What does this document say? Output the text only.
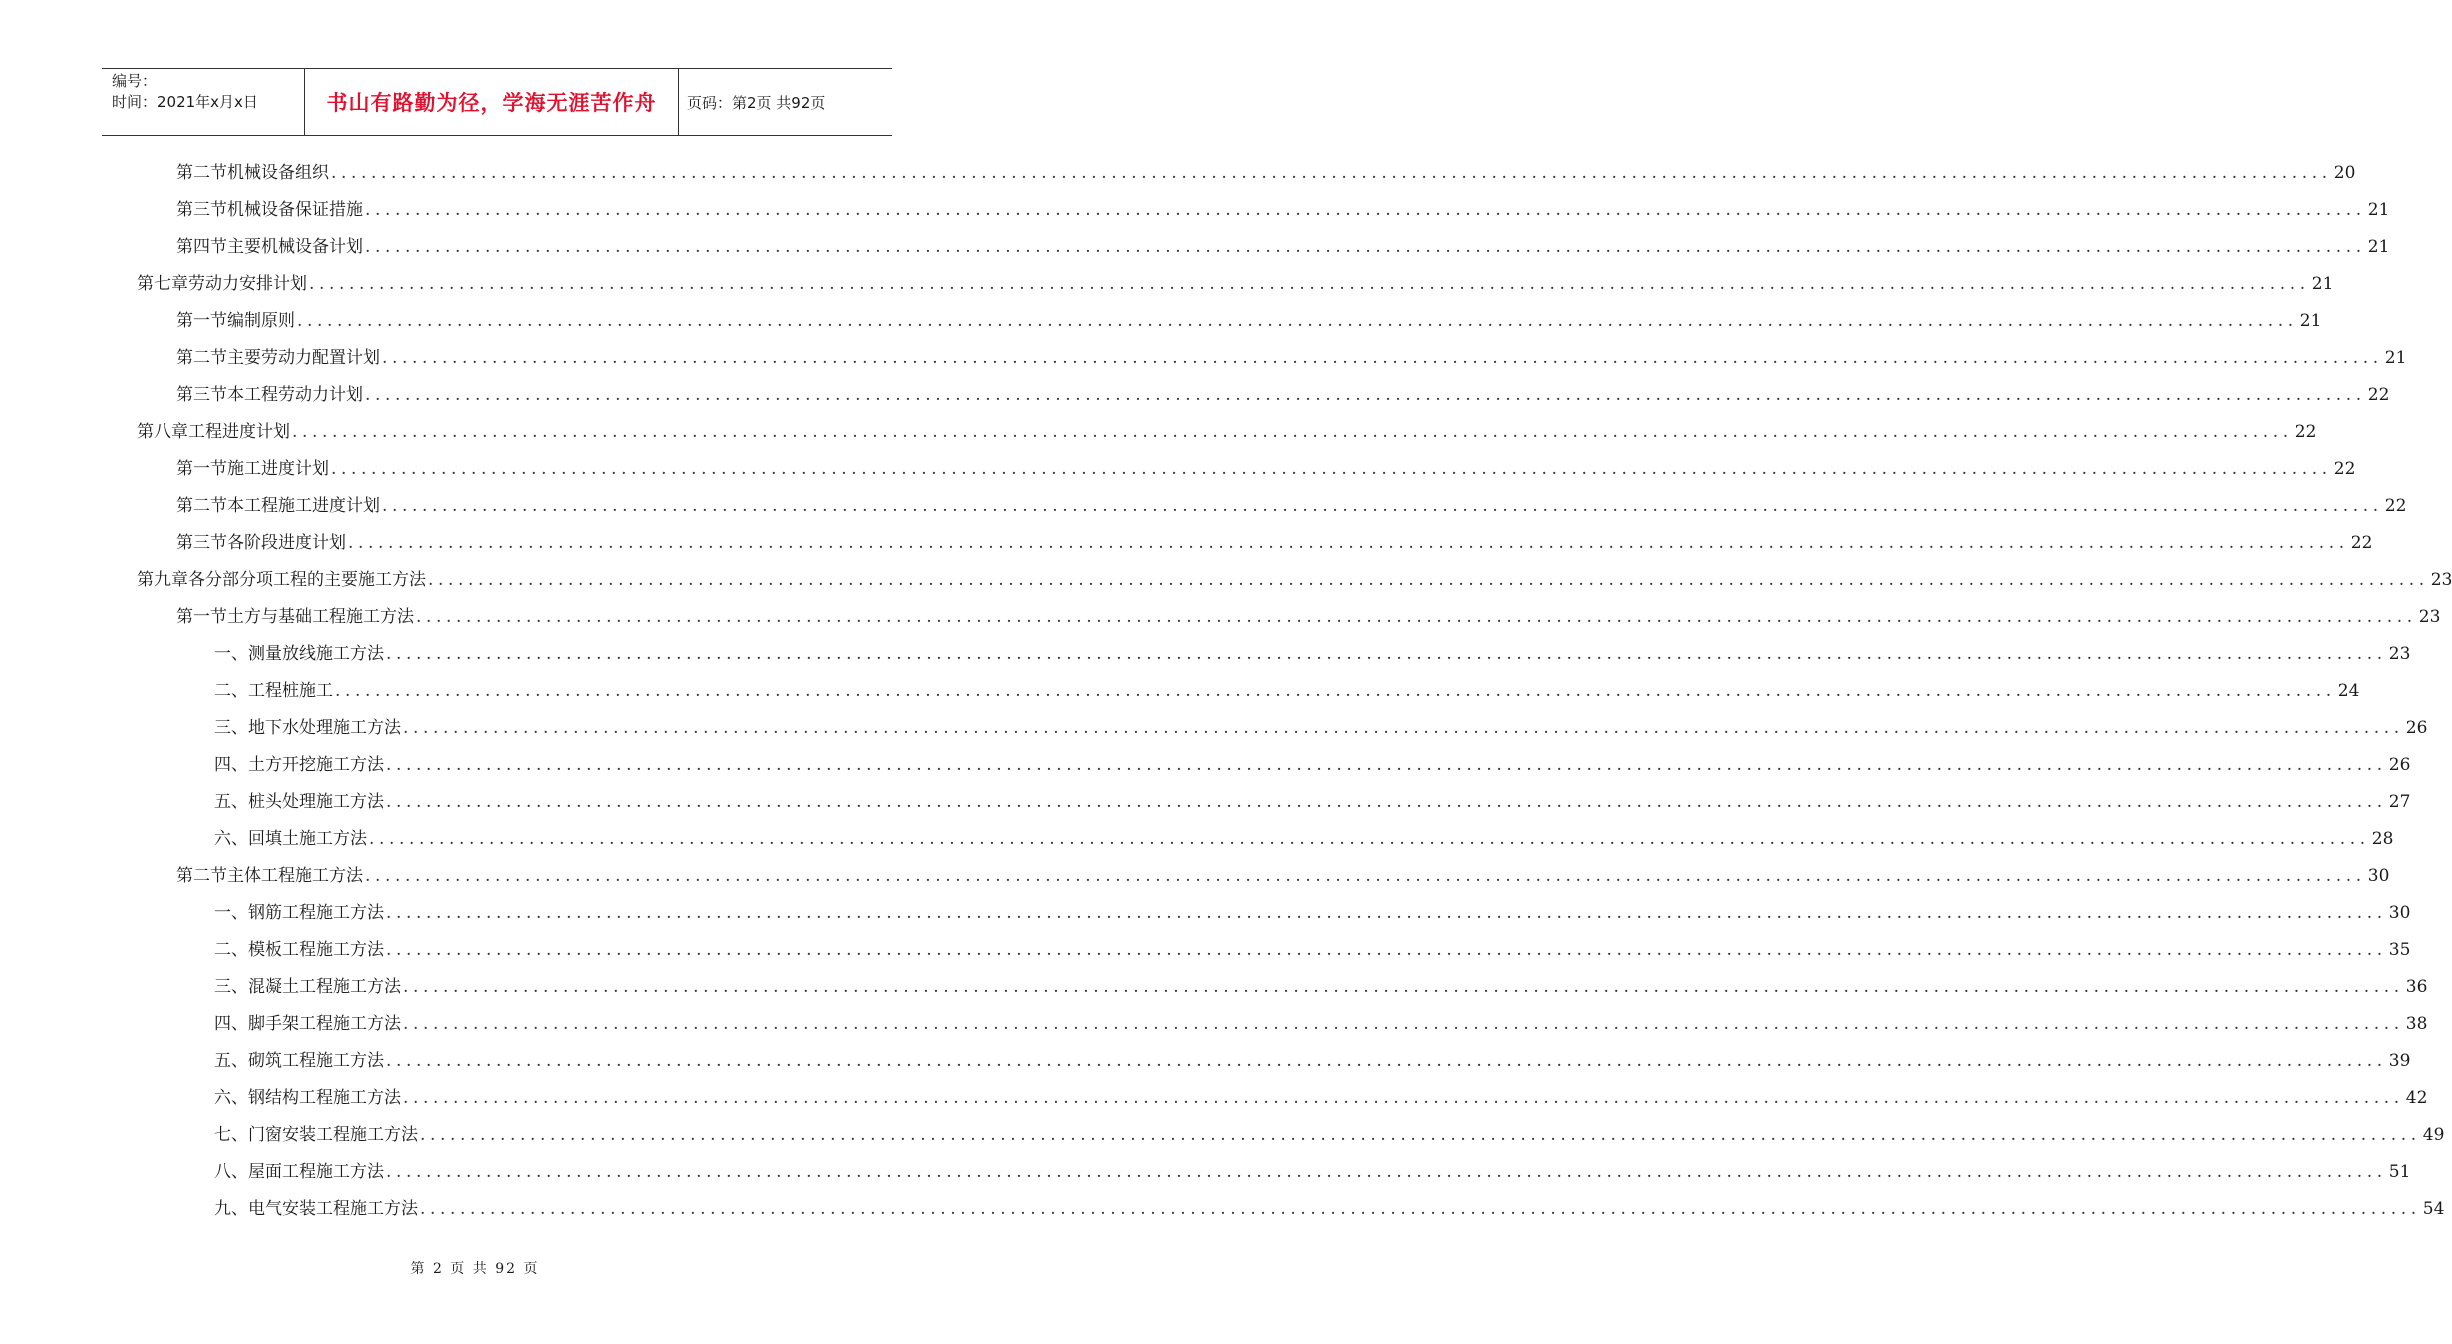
编号：
时间：2021年x月x日	书山有路勤为径，学海无涯苦作舟 页码：第2页 共92页
第二节 机械设备组织 ........................................................................................................................................................................................................ 20
第三节 机械设备保证措施 ........................................................................................................................................................................................................ 21
第四节 主要机械设备计划 ........................................................................................................................................................................................................ 21
第七章 劳动力安排计划 ........................................................................................................................................................................................................ 21
第一节 编制原则 ........................................................................................................................................................................................................ 21
第二节 主要劳动力配置计划 ........................................................................................................................................................................................................ 21
第三节 本工程劳动力计划 ........................................................................................................................................................................................................ 22
第八章 工程进度计划 ........................................................................................................................................................................................................ 22
第一节 施工进度计划 ........................................................................................................................................................................................................ 22
第二节 本工程施工进度计划 ........................................................................................................................................................................................................ 22
第三节 各阶段进度计划 ........................................................................................................................................................................................................ 22
第九章 各分部分项工程的主要施工方法 ........................................................................................................................................................................................................ 23
第一节 土方与基础工程施工方法 ........................................................................................................................................................................................................ 23
一、 测量放线施工方法 ........................................................................................................................................................................................................ 23
二、 工程桩施工 ........................................................................................................................................................................................................ 24
三、 地下水处理施工方法 ........................................................................................................................................................................................................ 26
四、 土方开挖施工方法 ........................................................................................................................................................................................................ 26
五、 桩头处理施工方法 ........................................................................................................................................................................................................ 27
六、 回填土施工方法 ........................................................................................................................................................................................................ 28
第二节 主体工程施工方法 ........................................................................................................................................................................................................ 30
一、 钢筋工程施工方法 ........................................................................................................................................................................................................ 30
二、 模板工程施工方法 ........................................................................................................................................................................................................ 35
三、 混凝土工程施工方法 ........................................................................................................................................................................................................ 36
四、 脚手架工程施工方法 ........................................................................................................................................................................................................ 38
五、 砌筑工程施工方法 ........................................................................................................................................................................................................ 39
六、 钢结构工程施工方法 ........................................................................................................................................................................................................ 42
七、 门窗安装工程施工方法 ........................................................................................................................................................................................................ 49
八、 屋面工程施工方法 ........................................................................................................................................................................................................ 51
九、 电气安装工程施工方法 ........................................................................................................................................................................................................ 54
第 2 页 共 92 页
